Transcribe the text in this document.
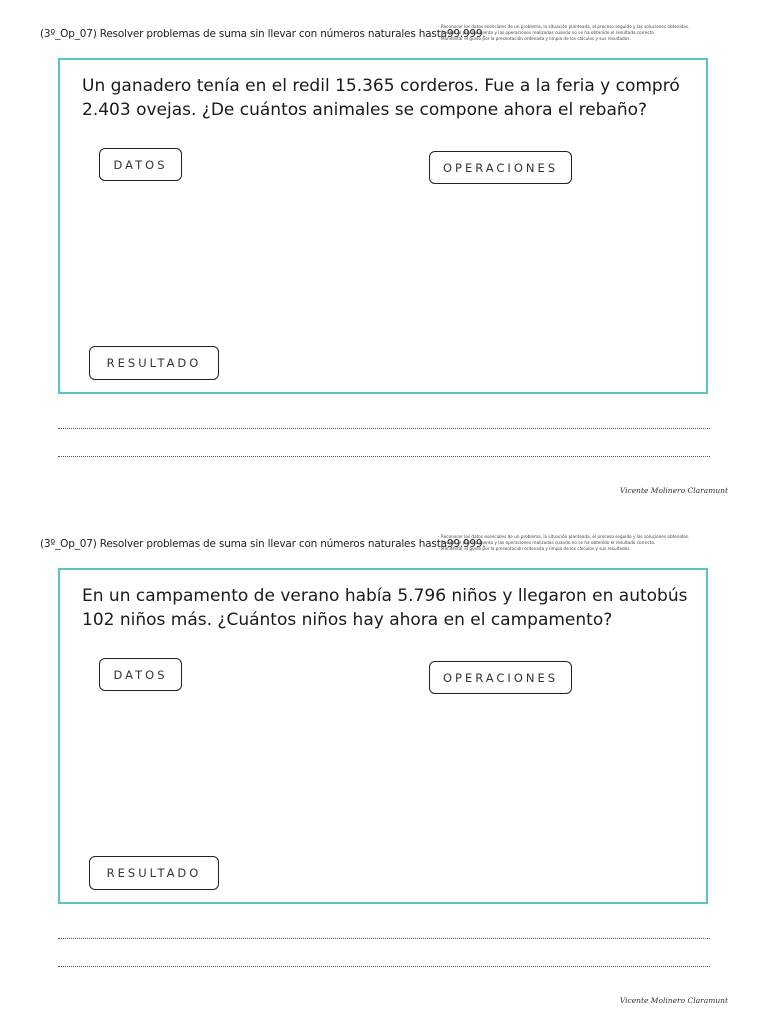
(3º_Op_07) Resolver problemas de suma sin llevar con números naturales hasta99.999.
- Reconocer los datos esenciales de un problema, la situación planteada, el proceso seguido y las soluciones obtenidas.
- Revisar el planteamiento y las operaciones realizadas cuando no se ha obtenido el resultado correcto.
- Manifestar el gusto por la presentación ordenada y limpia de los cálculos y sus resultados.
Un ganadero tenía en el redil 15.365 corderos. Fue a la feria y compró 2.403 ovejas. ¿De cuántos animales se compone ahora el rebaño?
DATOS	OPERACIONES
RESULTADO
Vicente Molinero Claramunt
(3º_Op_07) Resolver problemas de suma sin llevar con números naturales hasta99.999.
- Reconocer los datos esenciales de un problema, la situación planteada, el proceso seguido y las soluciones obtenidas.
- Revisar el planteamiento y las operaciones realizadas cuando no se ha obtenido el resultado correcto.
- Manifestar el gusto por la presentación ordenada y limpia de los cálculos y sus resultados.
En un campamento de verano había 5.796 niños y llegaron en autobús 102 niños más. ¿Cuántos niños hay ahora en el campamento?
DATOS	OPERACIONES
RESULTADO
Vicente Molinero Claramunt
